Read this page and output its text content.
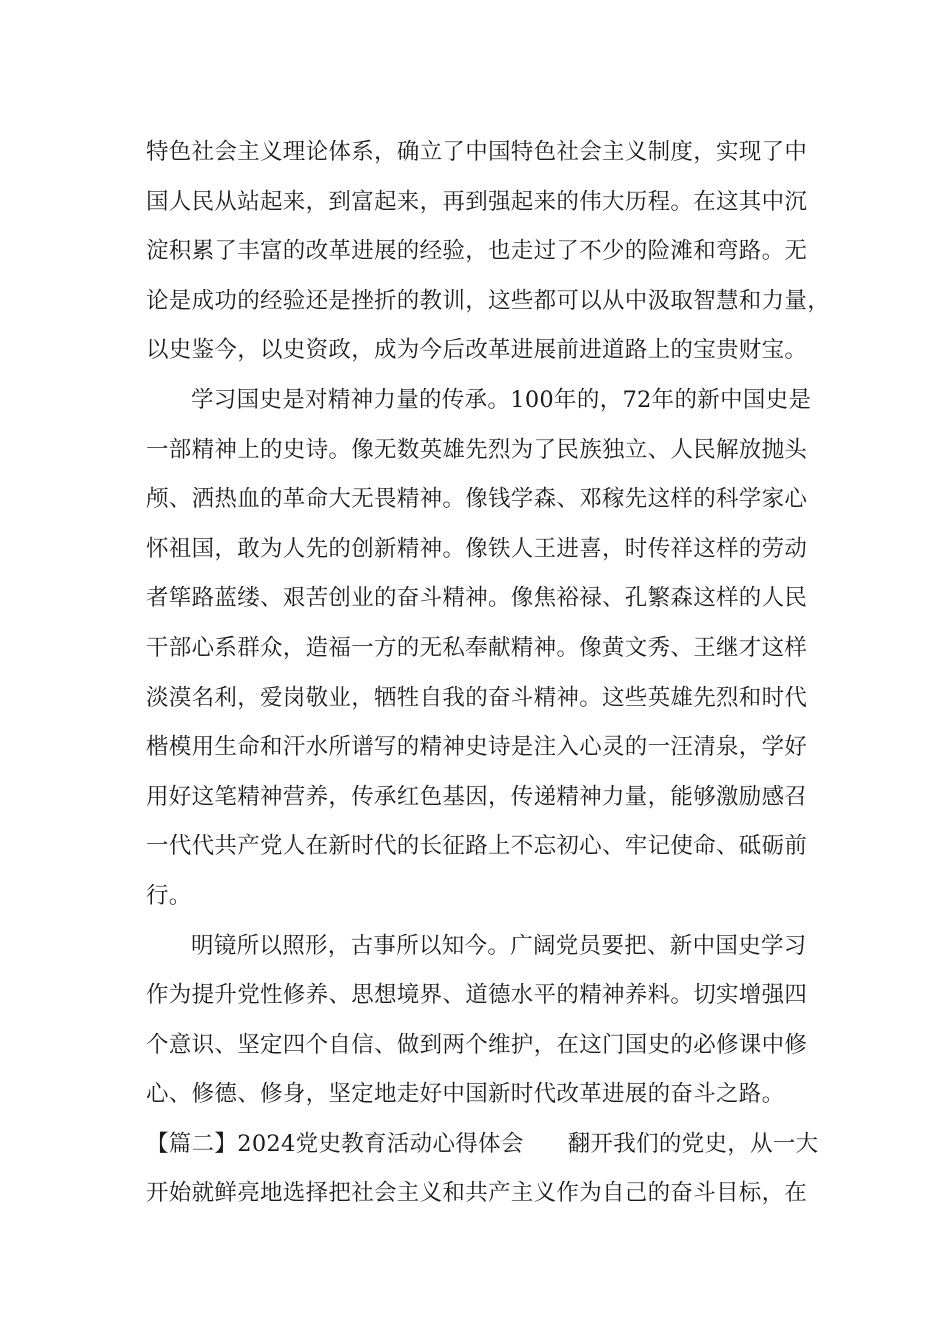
特色社会主义理论体系，确立了中国特色社会主义制度，实现了中
国人民从站起来，到富起来，再到强起来的伟大历程。在这其中沉
淀积累了丰富的改革进展的经验，也走过了不少的险滩和弯路。无
论是成功的经验还是挫折的教训，这些都可以从中汲取智慧和力量，
以史鉴今，以史资政，成为今后改革进展前进道路上的宝贵财宝。
学习国史是对精神力量的传承。100年的，72年的新中国史是
一部精神上的史诗。像无数英雄先烈为了民族独立、人民解放抛头
颅、洒热血的革命大无畏精神。像钱学森、邓稼先这样的科学家心
怀祖国，敢为人先的创新精神。像铁人王进喜，时传祥这样的劳动
者筚路蓝缕、艰苦创业的奋斗精神。像焦裕禄、孔繁森这样的人民
干部心系群众，造福一方的无私奉献精神。像黄文秀、王继才这样
淡漠名利，爱岗敬业，牺牲自我的奋斗精神。这些英雄先烈和时代
楷模用生命和汗水所谱写的精神史诗是注入心灵的一汪清泉，学好
用好这笔精神营养，传承红色基因，传递精神力量，能够激励感召
一代代共产党人在新时代的长征路上不忘初心、牢记使命、砥砺前
行。
明镜所以照形，古事所以知今。广阔党员要把、新中国史学习
作为提升党性修养、思想境界、道德水平的精神养料。切实增强四
个意识、坚定四个自信、做到两个维护，在这门国史的必修课中修
心、修德、修身，坚定地走好中国新时代改革进展的奋斗之路。
【篇二】2024党史教育活动心得体会 翻开我们的党史，从一大
开始就鲜亮地选择把社会主义和共产主义作为自己的奋斗目标，在
